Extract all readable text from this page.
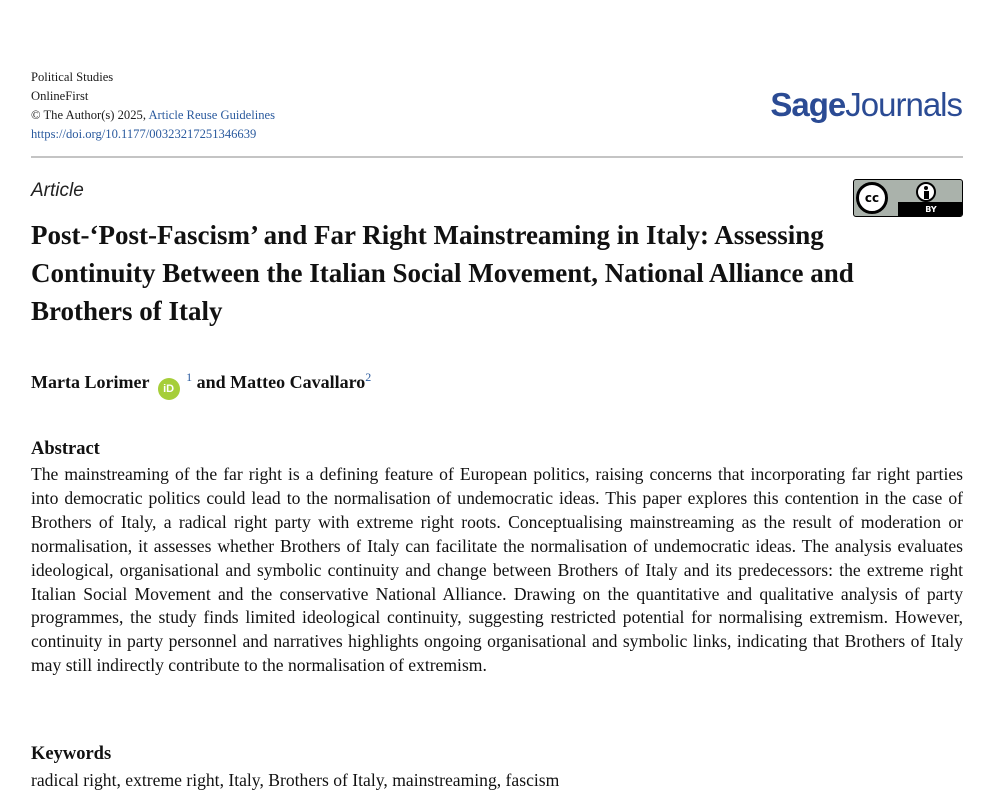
Political Studies
OnlineFirst
© The Author(s) 2025, Article Reuse Guidelines
https://doi.org/10.1177/00323217251346639
SageJournals
Article	cc
BY
Post-‘Post-Fascism’ and Far Right Mainstreaming in Italy: Assessing Continuity Between the Italian Social Movement, National Alliance and Brothers of Italy
Marta Lorimer iD $^1$ and Matteo Cavallaro$^2$
Abstract

The mainstreaming of the far right is a defining feature of European politics, raising concerns that incorporating far right parties into democratic politics could lead to the normalisation of undemocratic ideas. This paper explores this contention in the case of Brothers of Italy, a radical right party with extreme right roots. Conceptualising mainstreaming as the result of moderation or normalisation, it assesses whether Brothers of Italy can facilitate the normalisation of undemocratic ideas. The analysis evaluates ideological, organisational and symbolic continuity and change between Brothers of Italy and its predecessors: the extreme right Italian Social Movement and the conservative National Alliance. Drawing on the quantitative and qualitative analysis of party programmes, the study finds limited ideological continuity, suggesting restricted potential for normalising extremism. However, continuity in party personnel and narratives highlights ongoing organisational and symbolic links, indicating that Brothers of Italy may still indirectly contribute to the normalisation of extremism.

Keywords
radical right, extreme right, Italy, Brothers of Italy, mainstreaming, fascism
